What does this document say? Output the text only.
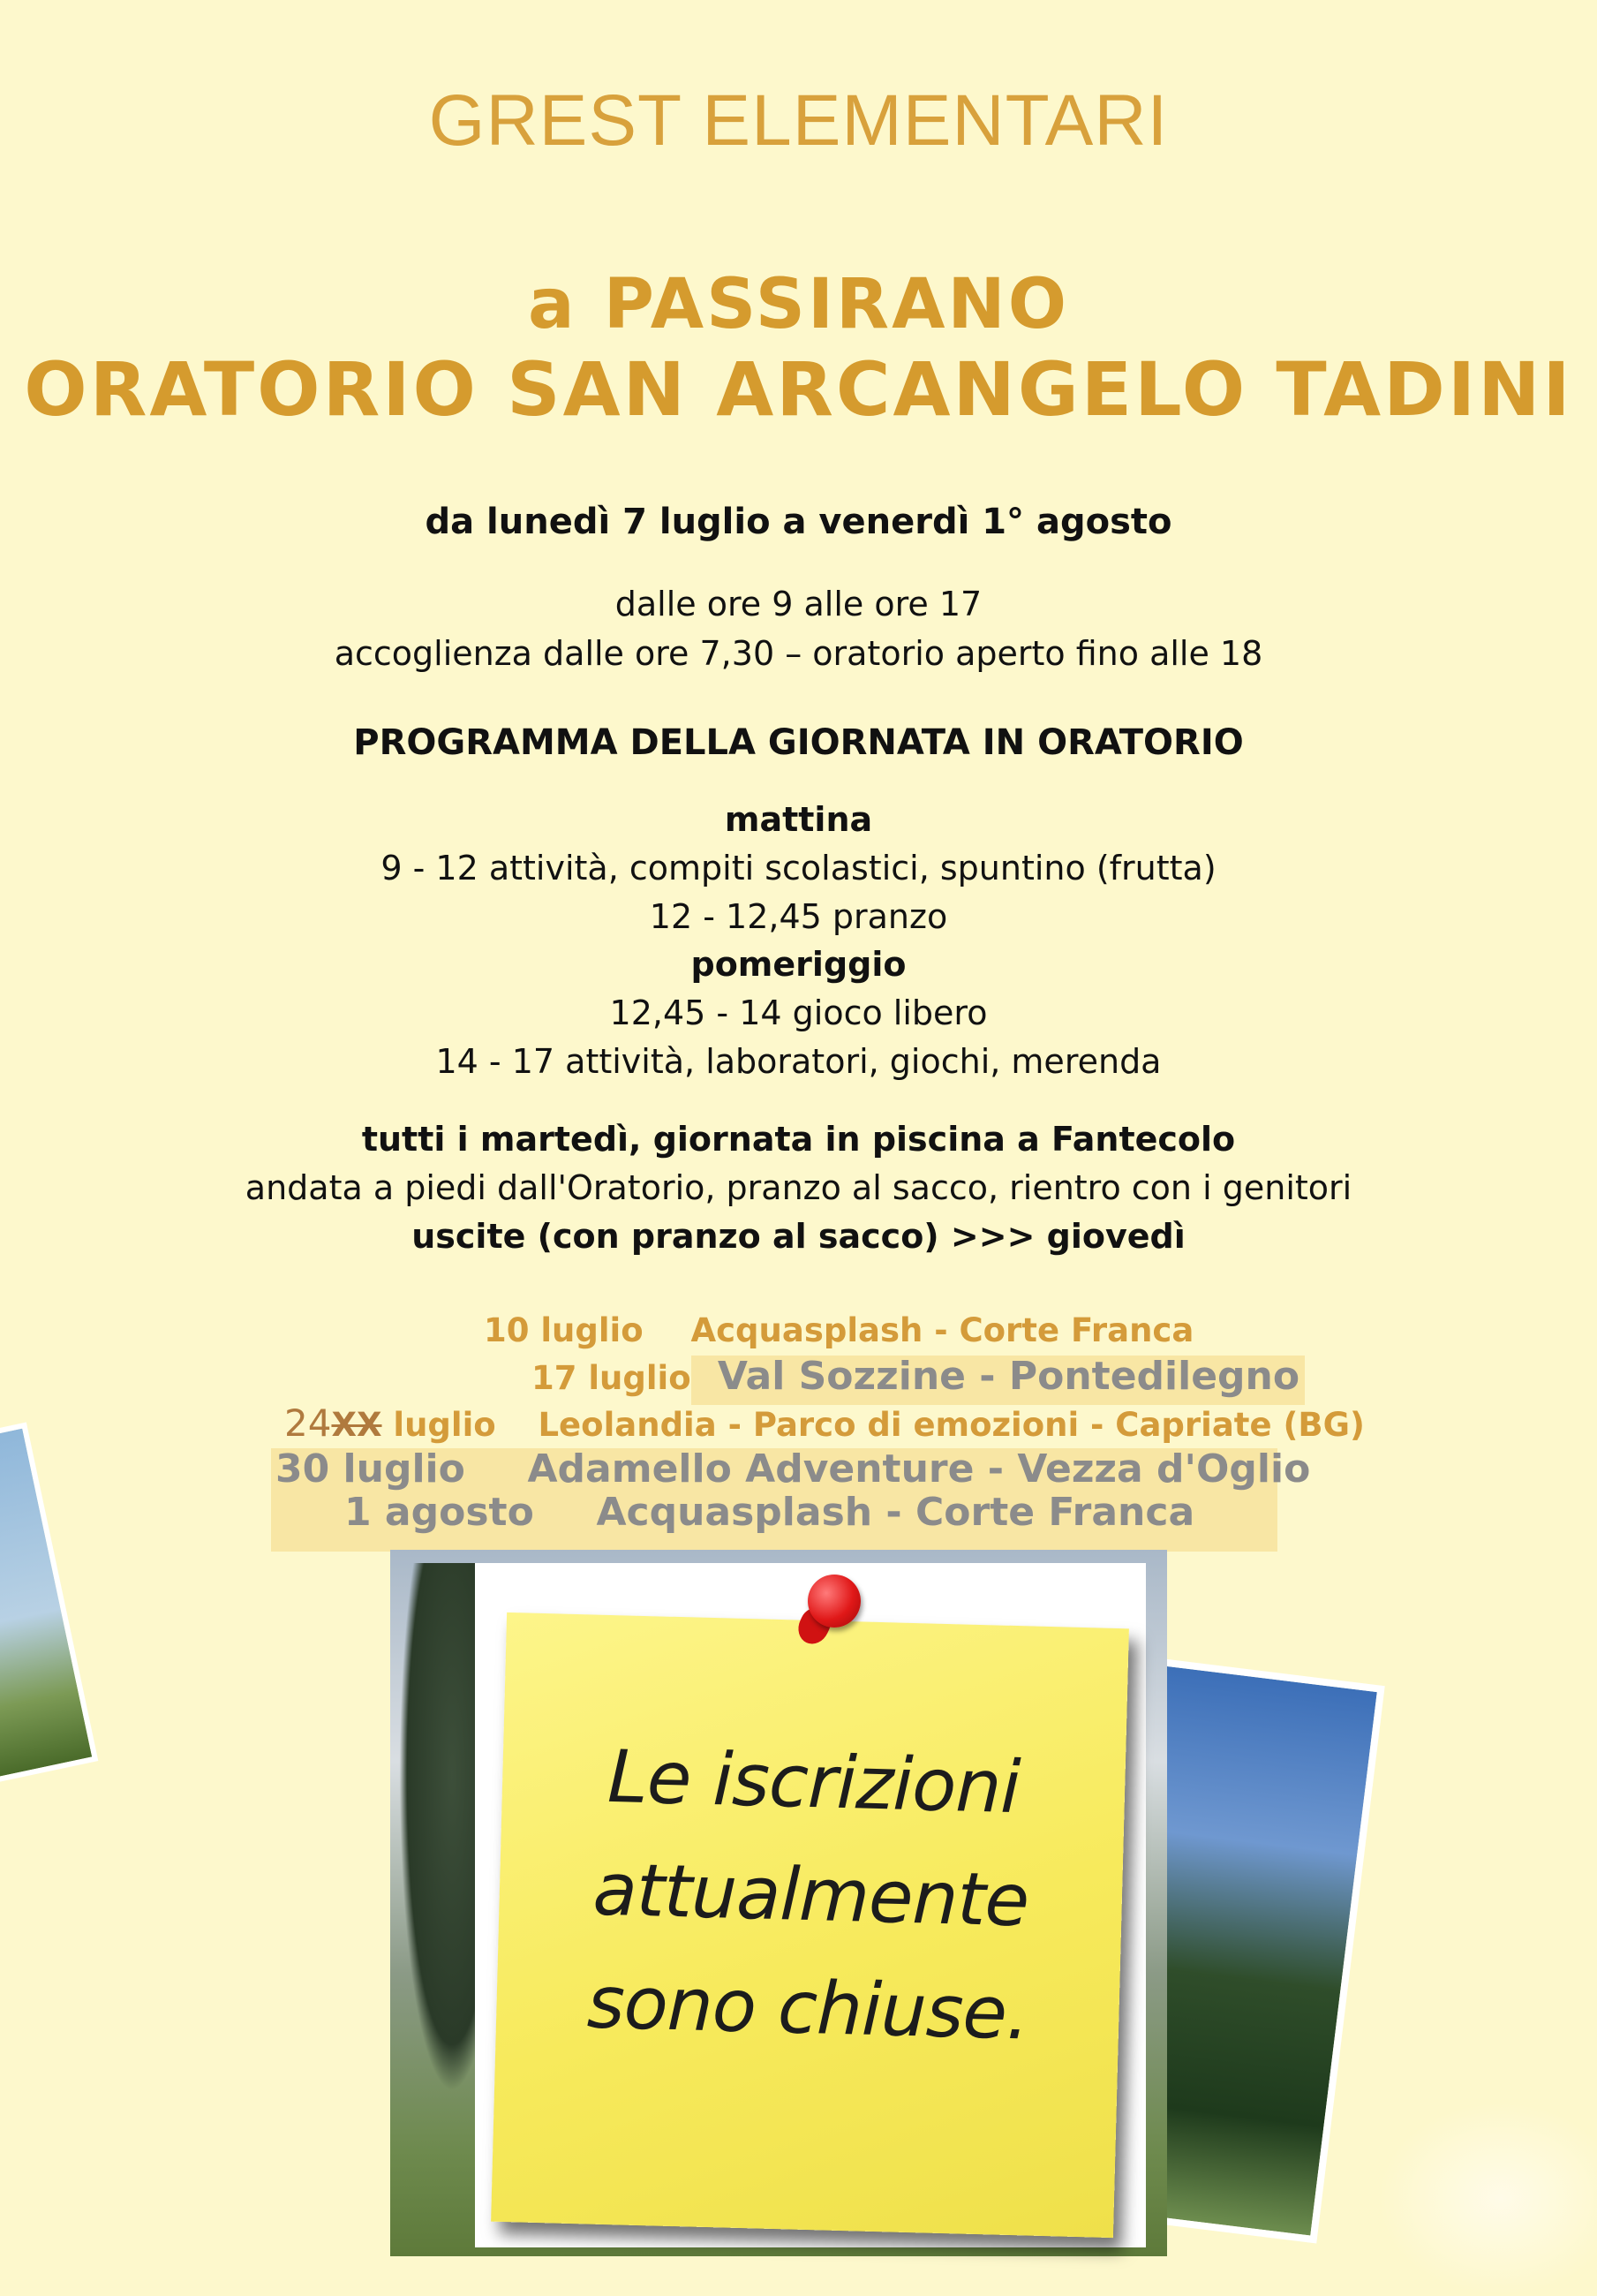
GREST ELEMENTARI
a PASSIRANO
ORATORIO SAN ARCANGELO TADINI
da lunedì 7 luglio a venerdì 1° agosto
dalle ore 9 alle ore 17
accoglienza dalle ore 7,30 – oratorio aperto fino alle 18
PROGRAMMA DELLA GIORNATA IN ORATORIO
mattina
9 - 12 attività, compiti scolastici, spuntino (frutta)
12 - 12,45 pranzo
pomeriggio
12,45 - 14 gioco libero
14 - 17 attività, laboratori, giochi, merenda
tutti i martedì, giornata in piscina a Fantecolo
andata a piedi dall'Oratorio, pranzo al sacco, rientro con i genitori
uscite (con pranzo al sacco) >>> giovedì
10 luglio Acquasplash - Corte Franca
17 luglio Val Sozzine - Pontedilegno
24XX luglio Leolandia - Parco di emozioni - Capriate (BG)
30 luglio Adamello Adventure - Vezza d'Oglio
1 agosto Acquasplash - Corte Franca
Le iscrizioni
attualmente
sono chiuse.
